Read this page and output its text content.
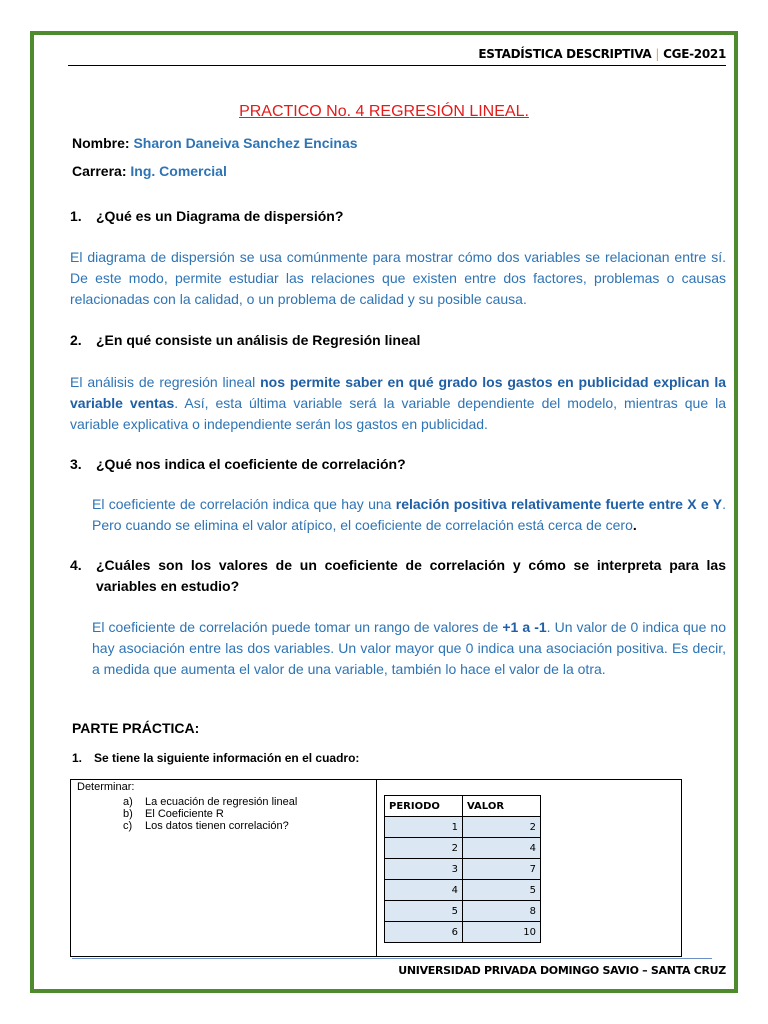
ESTADÍSTICA DESCRIPTIVA | CGE-2021
PRACTICO No. 4 REGRESIÓN LINEAL.
Nombre: Sharon Daneiva Sanchez Encinas
Carrera: Ing. Comercial
1.	¿Qué es un Diagrama de dispersión?
El diagrama de dispersión se usa comúnmente para mostrar cómo dos variables se relacionan entre sí. De este modo, permite estudiar las relaciones que existen entre dos factores, problemas o causas relacionadas con la calidad, o un problema de calidad y su posible causa.
2.	¿En qué consiste un análisis de Regresión lineal
El análisis de regresión lineal nos permite saber en qué grado los gastos en publicidad explican la variable ventas. Así, esta última variable será la variable dependiente del modelo, mientras que la variable explicativa o independiente serán los gastos en publicidad.
3.	¿Qué nos indica el coeficiente de correlación?
El coeficiente de correlación indica que hay una relación positiva relativamente fuerte entre X e Y. Pero cuando se elimina el valor atípico, el coeficiente de correlación está cerca de cero.
4.	¿Cuáles son los valores de un coeficiente de correlación y cómo se interpreta para las variables en estudio?
El coeficiente de correlación puede tomar un rango de valores de +1 a -1. Un valor de 0 indica que no hay asociación entre las dos variables. Un valor mayor que 0 indica una asociación positiva. Es decir, a medida que aumenta el valor de una variable, también lo hace el valor de la otra.
PARTE PRÁCTICA:
1. Se tiene la siguiente información en el cuadro:
Determinar:
a) La ecuación de regresión lineal
b) El Coeficiente R
c) Los datos tienen correlación?
PERIODO	VALOR
1	2
2	4
3	7
4	5
5	8
6	10
UNIVERSIDAD PRIVADA DOMINGO SAVIO – SANTA CRUZ
